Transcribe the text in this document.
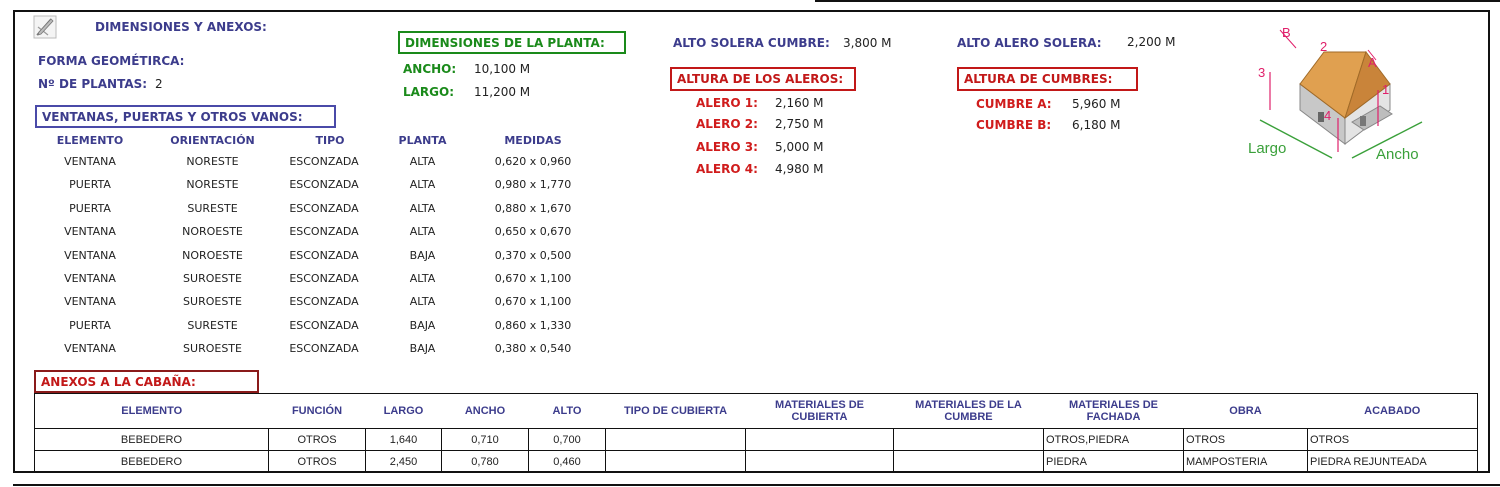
DIMENSIONES Y ANEXOS:
FORMA GEOMÉTIRCA:
Nº DE PLANTAS: 2
DIMENSIONES DE LA PLANTA:
ANCHO: 10,100 M
LARGO: 11,200 M
ALTO SOLERA CUMBRE: 3,800 M	ALTO ALERO SOLERA: 2,200 M
ALTURA DE LOS ALEROS:
ALERO 1: 2,160 M
ALERO 2: 2,750 M
ALERO 3: 5,000 M
ALERO 4: 4,980 M
ALTURA DE CUMBRES:
CUMBRE A: 5,960 M
CUMBRE B: 6,180 M
B
2
A
3
1
4
Largo	Ancho
VENTANAS, PUERTAS Y OTROS VANOS:
ELEMENTO	ORIENTACIÓN	TIPO	PLANTA	MEDIDAS
VENTANA	NORESTE	ESCONZADA	ALTA	0,620 x 0,960
PUERTA	NORESTE	ESCONZADA	ALTA	0,980 x 1,770
PUERTA	SURESTE	ESCONZADA	ALTA	0,880 x 1,670
VENTANA	NOROESTE	ESCONZADA	ALTA	0,650 x 0,670
VENTANA	NOROESTE	ESCONZADA	BAJA	0,370 x 0,500
VENTANA	SUROESTE	ESCONZADA	ALTA	0,670 x 1,100
VENTANA	SUROESTE	ESCONZADA	ALTA	0,670 x 1,100
PUERTA	SURESTE	ESCONZADA	BAJA	0,860 x 1,330
VENTANA	SUROESTE	ESCONZADA	BAJA	0,380 x 0,540
ANEXOS A LA CABAÑA:
ELEMENTO	FUNCIÓN	LARGO	ANCHO	ALTO	TIPO DE CUBIERTA	MATERIALES DE CUBIERTA	MATERIALES DE LA CUMBRE	MATERIALES DE FACHADA	OBRA	ACABADO
BEBEDERO	OTROS	1,640	0,710	0,700				OTROS,PIEDRA	OTROS	OTROS
BEBEDERO	OTROS	2,450	0,780	0,460				PIEDRA	MAMPOSTERIA	PIEDRA REJUNTEADA
